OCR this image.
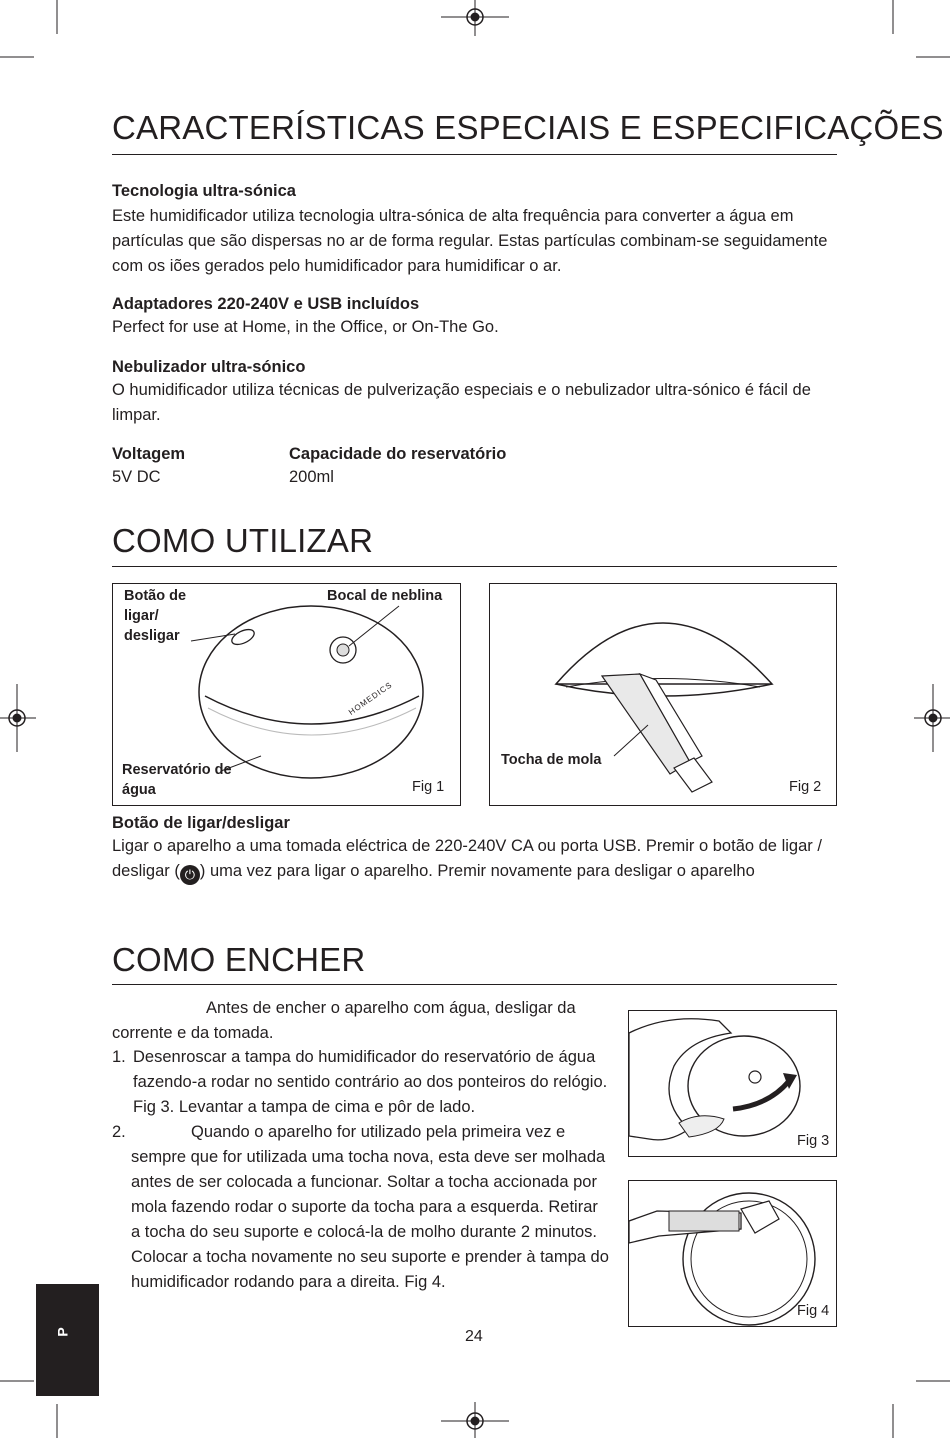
CARACTERÍSTICAS ESPECIAIS E ESPECIFICAÇÕES
Tecnologia ultra-sónica
Este humidificador utiliza tecnologia ultra-sónica de alta frequência para converter a água em partículas que são dispersas no ar de forma regular. Estas partículas combinam-se seguidamente com os iões gerados pelo humidificador para humidificar o ar.
Adaptadores 220-240V e USB incluídos
Perfect for use at Home, in the Office, or On-The Go.
Nebulizador ultra-sónico
O humidificador utiliza técnicas de pulverização especiais e o nebulizador ultra-sónico é fácil de limpar.
Voltagem
5V DC
Capacidade do reservatório
200ml
COMO UTILIZAR
HOMEDICS
Botão de ligar/ desligar
Bocal de neblina
Reservatório de água	Fig 1
Tocha de mola
Fig 2
Botão de ligar/desligar
Ligar o aparelho a uma tomada eléctrica de 220-240V CA ou porta USB. Premir o botão de ligar / desligar ( ⏻ ) uma vez para ligar o aparelho. Premir novamente para desligar o aparelho
COMO ENCHER
Antes de encher o aparelho com água, desligar da corrente e da tomada.
1. Desenroscar a tampa do humidificador do reservatório de água fazendo-a rodar no sentido contrário ao dos ponteiros do relógio. Fig 3. Levantar a tampa de cima e pôr de lado.
2.	Quando o aparelho for utilizado pela primeira vez e sempre que for utilizada uma tocha nova, esta deve ser molhada antes de ser colocada a funcionar. Soltar a tocha accionada por mola fazendo rodar o suporte da tocha para a esquerda. Retirar a tocha do seu suporte e colocá-la de molho durante 2 minutos. Colocar a tocha novamente no seu suporte e prender à tampa do humidificador rodando para a direita. Fig 4.
Fig 3
Fig 4
24
P
